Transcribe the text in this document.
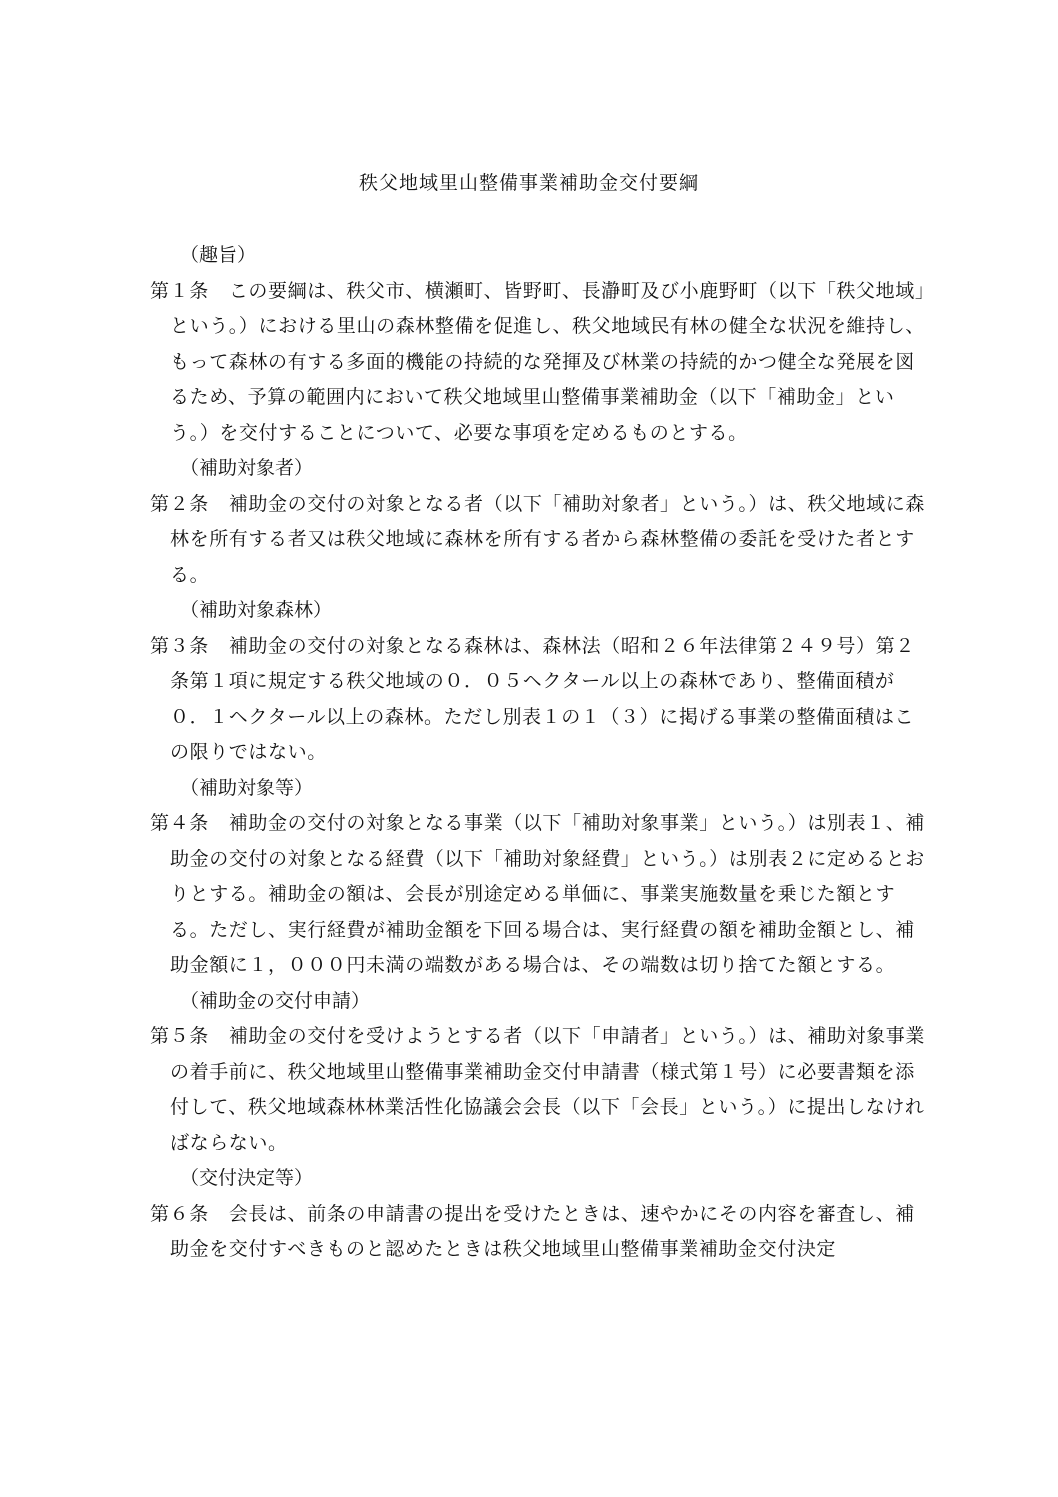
秩父地域里山整備事業補助金交付要綱
（趣旨）

第１条 この要綱は、秩父市、横瀬町、皆野町、長瀞町及び小鹿野町（以下「秩父地域」という。）における里山の森林整備を促進し、秩父地域民有林の健全な状況を維持し、もって森林の有する多面的機能の持続的な発揮及び林業の持続的かつ健全な発展を図るため、予算の範囲内において秩父地域里山整備事業補助金（以下「補助金」という。）を交付することについて、必要な事項を定めるものとする。

（補助対象者）

第２条 補助金の交付の対象となる者（以下「補助対象者」という。）は、秩父地域に森林を所有する者又は秩父地域に森林を所有する者から森林整備の委託を受けた者とする。

（補助対象森林）

第３条 補助金の交付の対象となる森林は、森林法（昭和２６年法律第２４９号）第２条第１項に規定する秩父地域の０．０５ヘクタール以上の森林であり、整備面積が０．１ヘクタール以上の森林。ただし別表１の１（３）に掲げる事業の整備面積はこの限りではない。

（補助対象等）

第４条 補助金の交付の対象となる事業（以下「補助対象事業」という。）は別表１、補助金の交付の対象となる経費（以下「補助対象経費」という。）は別表２に定めるとおりとする。補助金の額は、会長が別途定める単価に、事業実施数量を乗じた額とする。ただし、実行経費が補助金額を下回る場合は、実行経費の額を補助金額とし、補助金額に１，０００円未満の端数がある場合は、その端数は切り捨てた額とする。

（補助金の交付申請）

第５条 補助金の交付を受けようとする者（以下「申請者」という。）は、補助対象事業の着手前に、秩父地域里山整備事業補助金交付申請書（様式第１号）に必要書類を添付して、秩父地域森林林業活性化協議会会長（以下「会長」という。）に提出しなければならない。

（交付決定等）

第６条 会長は、前条の申請書の提出を受けたときは、速やかにその内容を審査し、補助金を交付すべきものと認めたときは秩父地域里山整備事業補助金交付決定
